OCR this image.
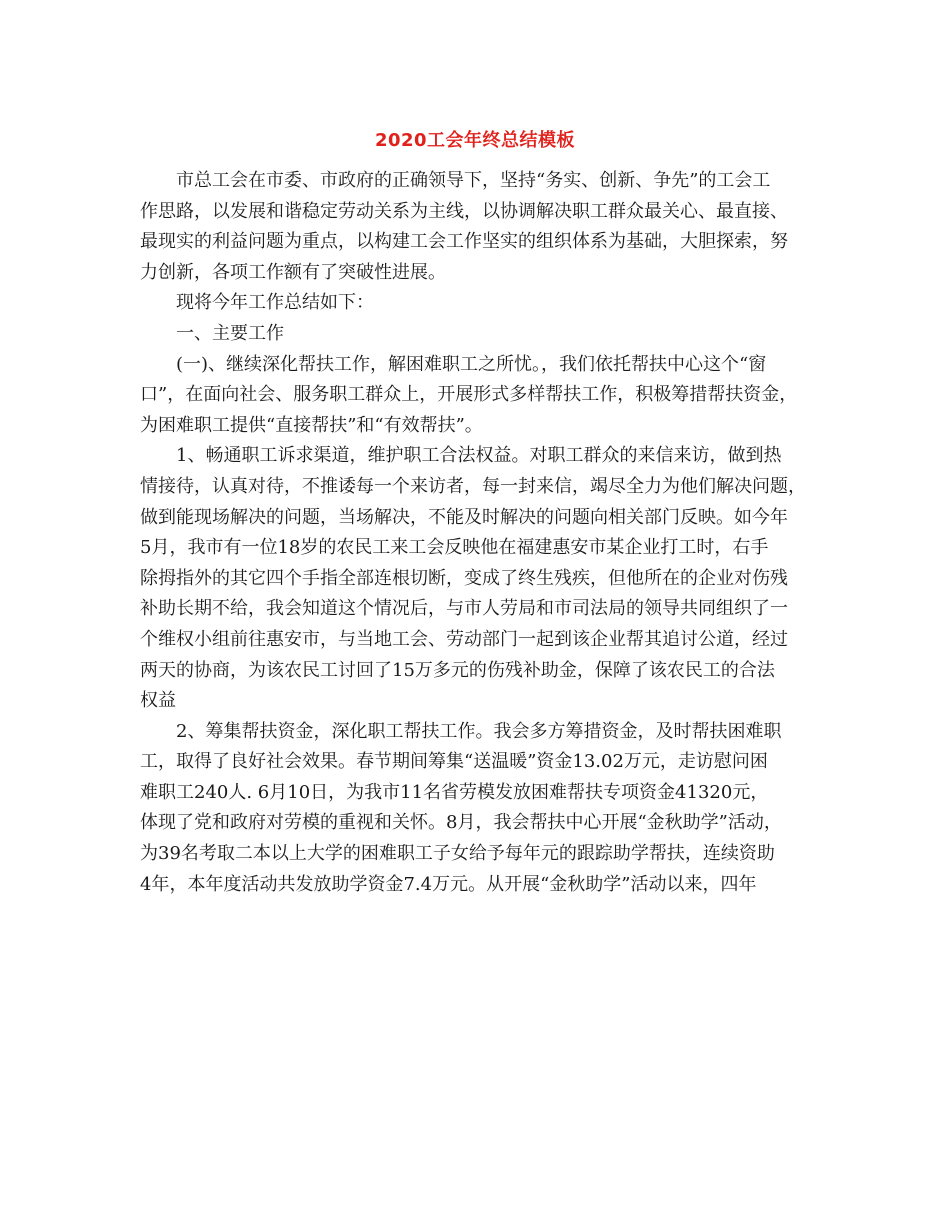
2020工会年终总结模板
市总工会在市委、市政府的正确领导下，坚持“务实、创新、争先”的工会工
作思路，以发展和谐稳定劳动关系为主线，以协调解决职工群众最关心、最直接、
最现实的利益问题为重点，以构建工会工作坚实的组织体系为基础，大胆探索，努
力创新，各项工作额有了突破性进展。
现将今年工作总结如下：
一、主要工作
(一)、继续深化帮扶工作，解困难职工之所忧。，我们依托帮扶中心这个“窗
口”，在面向社会、服务职工群众上，开展形式多样帮扶工作，积极筹措帮扶资金，
为困难职工提供“直接帮扶”和“有效帮扶”。
1、畅通职工诉求渠道，维护职工合法权益。对职工群众的来信来访，做到热
情接待，认真对待，不推诿每一个来访者，每一封来信，竭尽全力为他们解决问题，
做到能现场解决的问题，当场解决，不能及时解决的问题向相关部门反映。如今年
5月，我市有一位18岁的农民工来工会反映他在福建惠安市某企业打工时，右手
除拇指外的其它四个手指全部连根切断，变成了终生残疾，但他所在的企业对伤残
补助长期不给，我会知道这个情况后，与市人劳局和市司法局的领导共同组织了一
个维权小组前往惠安市，与当地工会、劳动部门一起到该企业帮其追讨公道，经过
两天的协商，为该农民工讨回了15万多元的伤残补助金，保障了该农民工的合法
权益
2、筹集帮扶资金，深化职工帮扶工作。我会多方筹措资金，及时帮扶困难职
工，取得了良好社会效果。春节期间筹集“送温暖”资金13.02万元，走访慰问困
难职工240人. 6月10日，为我市11名省劳模发放困难帮扶专项资金41320元，
体现了党和政府对劳模的重视和关怀。8月，我会帮扶中心开展“金秋助学”活动，
为39名考取二本以上大学的困难职工子女给予每年元的跟踪助学帮扶，连续资助
4年，本年度活动共发放助学资金7.4万元。从开展“金秋助学”活动以来，四年
